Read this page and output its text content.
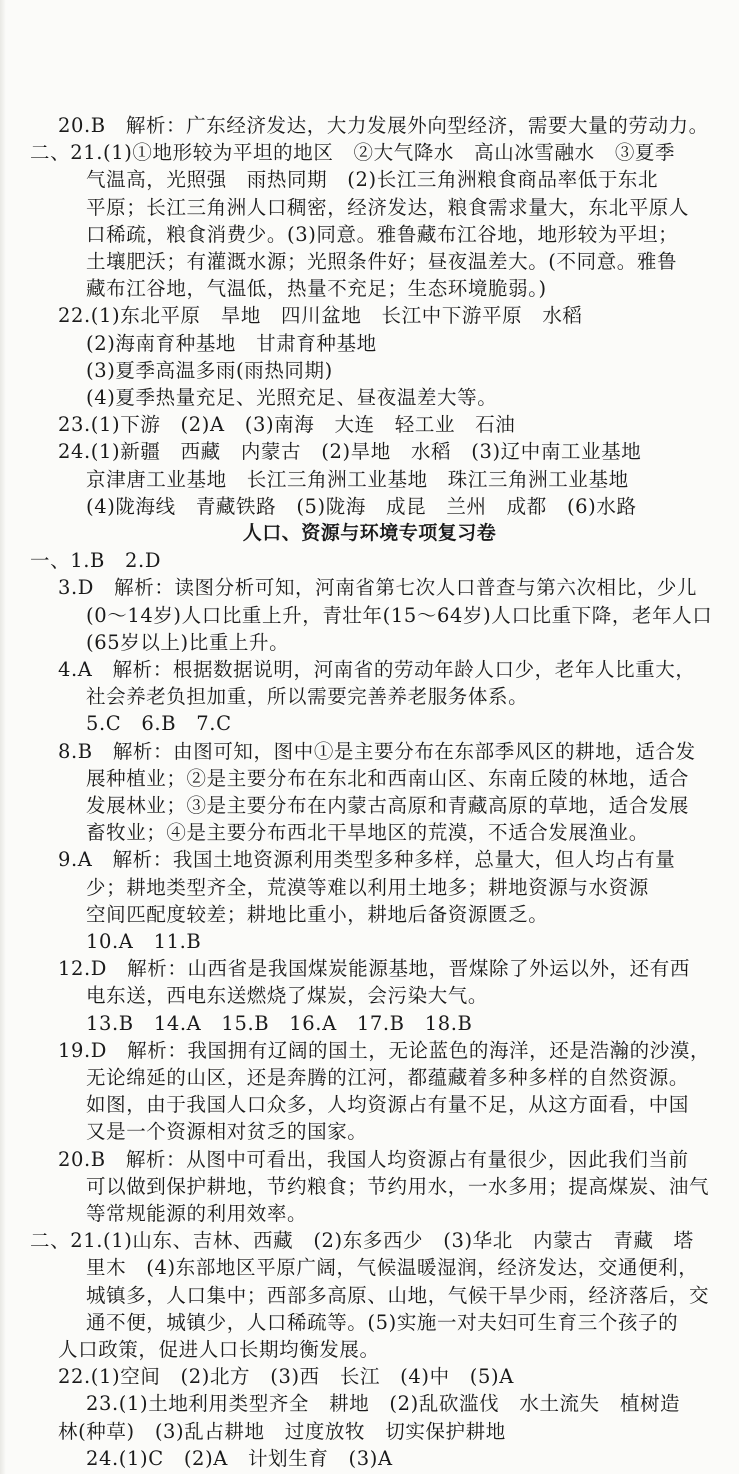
20.B　解析：广东经济发达，大力发展外向型经济，需要大量的劳动力。
二、21.(1)①地形较为平坦的地区　②大气降水　高山冰雪融水　③夏季
气温高，光照强　雨热同期　(2)长江三角洲粮食商品率低于东北
平原；长江三角洲人口稠密，经济发达，粮食需求量大，东北平原人
口稀疏，粮食消费少。(3)同意。雅鲁藏布江谷地，地形较为平坦；
土壤肥沃；有灌溉水源；光照条件好；昼夜温差大。(不同意。雅鲁
藏布江谷地，气温低，热量不充足；生态环境脆弱。)
22.(1)东北平原　旱地　四川盆地　长江中下游平原　水稻
(2)海南育种基地　甘肃育种基地
(3)夏季高温多雨(雨热同期)
(4)夏季热量充足、光照充足、昼夜温差大等。
23.(1)下游　(2)A　(3)南海　大连　轻工业　石油
24.(1)新疆　西藏　内蒙古　(2)旱地　水稻　(3)辽中南工业基地
京津唐工业基地　长江三角洲工业基地　珠江三角洲工业基地
(4)陇海线　青藏铁路　(5)陇海　成昆　兰州　成都　(6)水路
人口、资源与环境专项复习卷
一、1.B　2.D
3.D　解析：读图分析可知，河南省第七次人口普查与第六次相比，少儿
(0～14岁)人口比重上升，青壮年(15～64岁)人口比重下降，老年人口
(65岁以上)比重上升。
4.A　解析：根据数据说明，河南省的劳动年龄人口少，老年人比重大，
社会养老负担加重，所以需要完善养老服务体系。
5.C　6.B　7.C
8.B　解析：由图可知，图中①是主要分布在东部季风区的耕地，适合发
展种植业；②是主要分布在东北和西南山区、东南丘陵的林地，适合
发展林业；③是主要分布在内蒙古高原和青藏高原的草地，适合发展
畜牧业；④是主要分布西北干旱地区的荒漠，不适合发展渔业。
9.A　解析：我国土地资源利用类型多种多样，总量大，但人均占有量
少；耕地类型齐全，荒漠等难以利用土地多；耕地资源与水资源
空间匹配度较差；耕地比重小，耕地后备资源匮乏。
10.A　11.B
12.D　解析：山西省是我国煤炭能源基地，晋煤除了外运以外，还有西
电东送，西电东送燃烧了煤炭，会污染大气。
13.B　14.A　15.B　16.A　17.B　18.B
19.D　解析：我国拥有辽阔的国土，无论蓝色的海洋，还是浩瀚的沙漠，
无论绵延的山区，还是奔腾的江河，都蕴藏着多种多样的自然资源。
如图，由于我国人口众多，人均资源占有量不足，从这方面看，中国
又是一个资源相对贫乏的国家。
20.B　解析：从图中可看出，我国人均资源占有量很少，因此我们当前
可以做到保护耕地，节约粮食；节约用水，一水多用；提高煤炭、油气
等常规能源的利用效率。
二、21.(1)山东、吉林、西藏　(2)东多西少　(3)华北　内蒙古　青藏　塔
里木　(4)东部地区平原广阔，气候温暖湿润，经济发达，交通便利，
城镇多，人口集中；西部多高原、山地，气候干旱少雨，经济落后，交
通不便，城镇少，人口稀疏等。(5)实施一对夫妇可生育三个孩子的
人口政策，促进人口长期均衡发展。
22.(1)空间　(2)北方　(3)西　长江　(4)中　(5)A
23.(1)土地利用类型齐全　耕地　(2)乱砍滥伐　水土流失　植树造
林(种草)　(3)乱占耕地　过度放牧　切实保护耕地
24.(1)C　(2)A　计划生育　(3)A
